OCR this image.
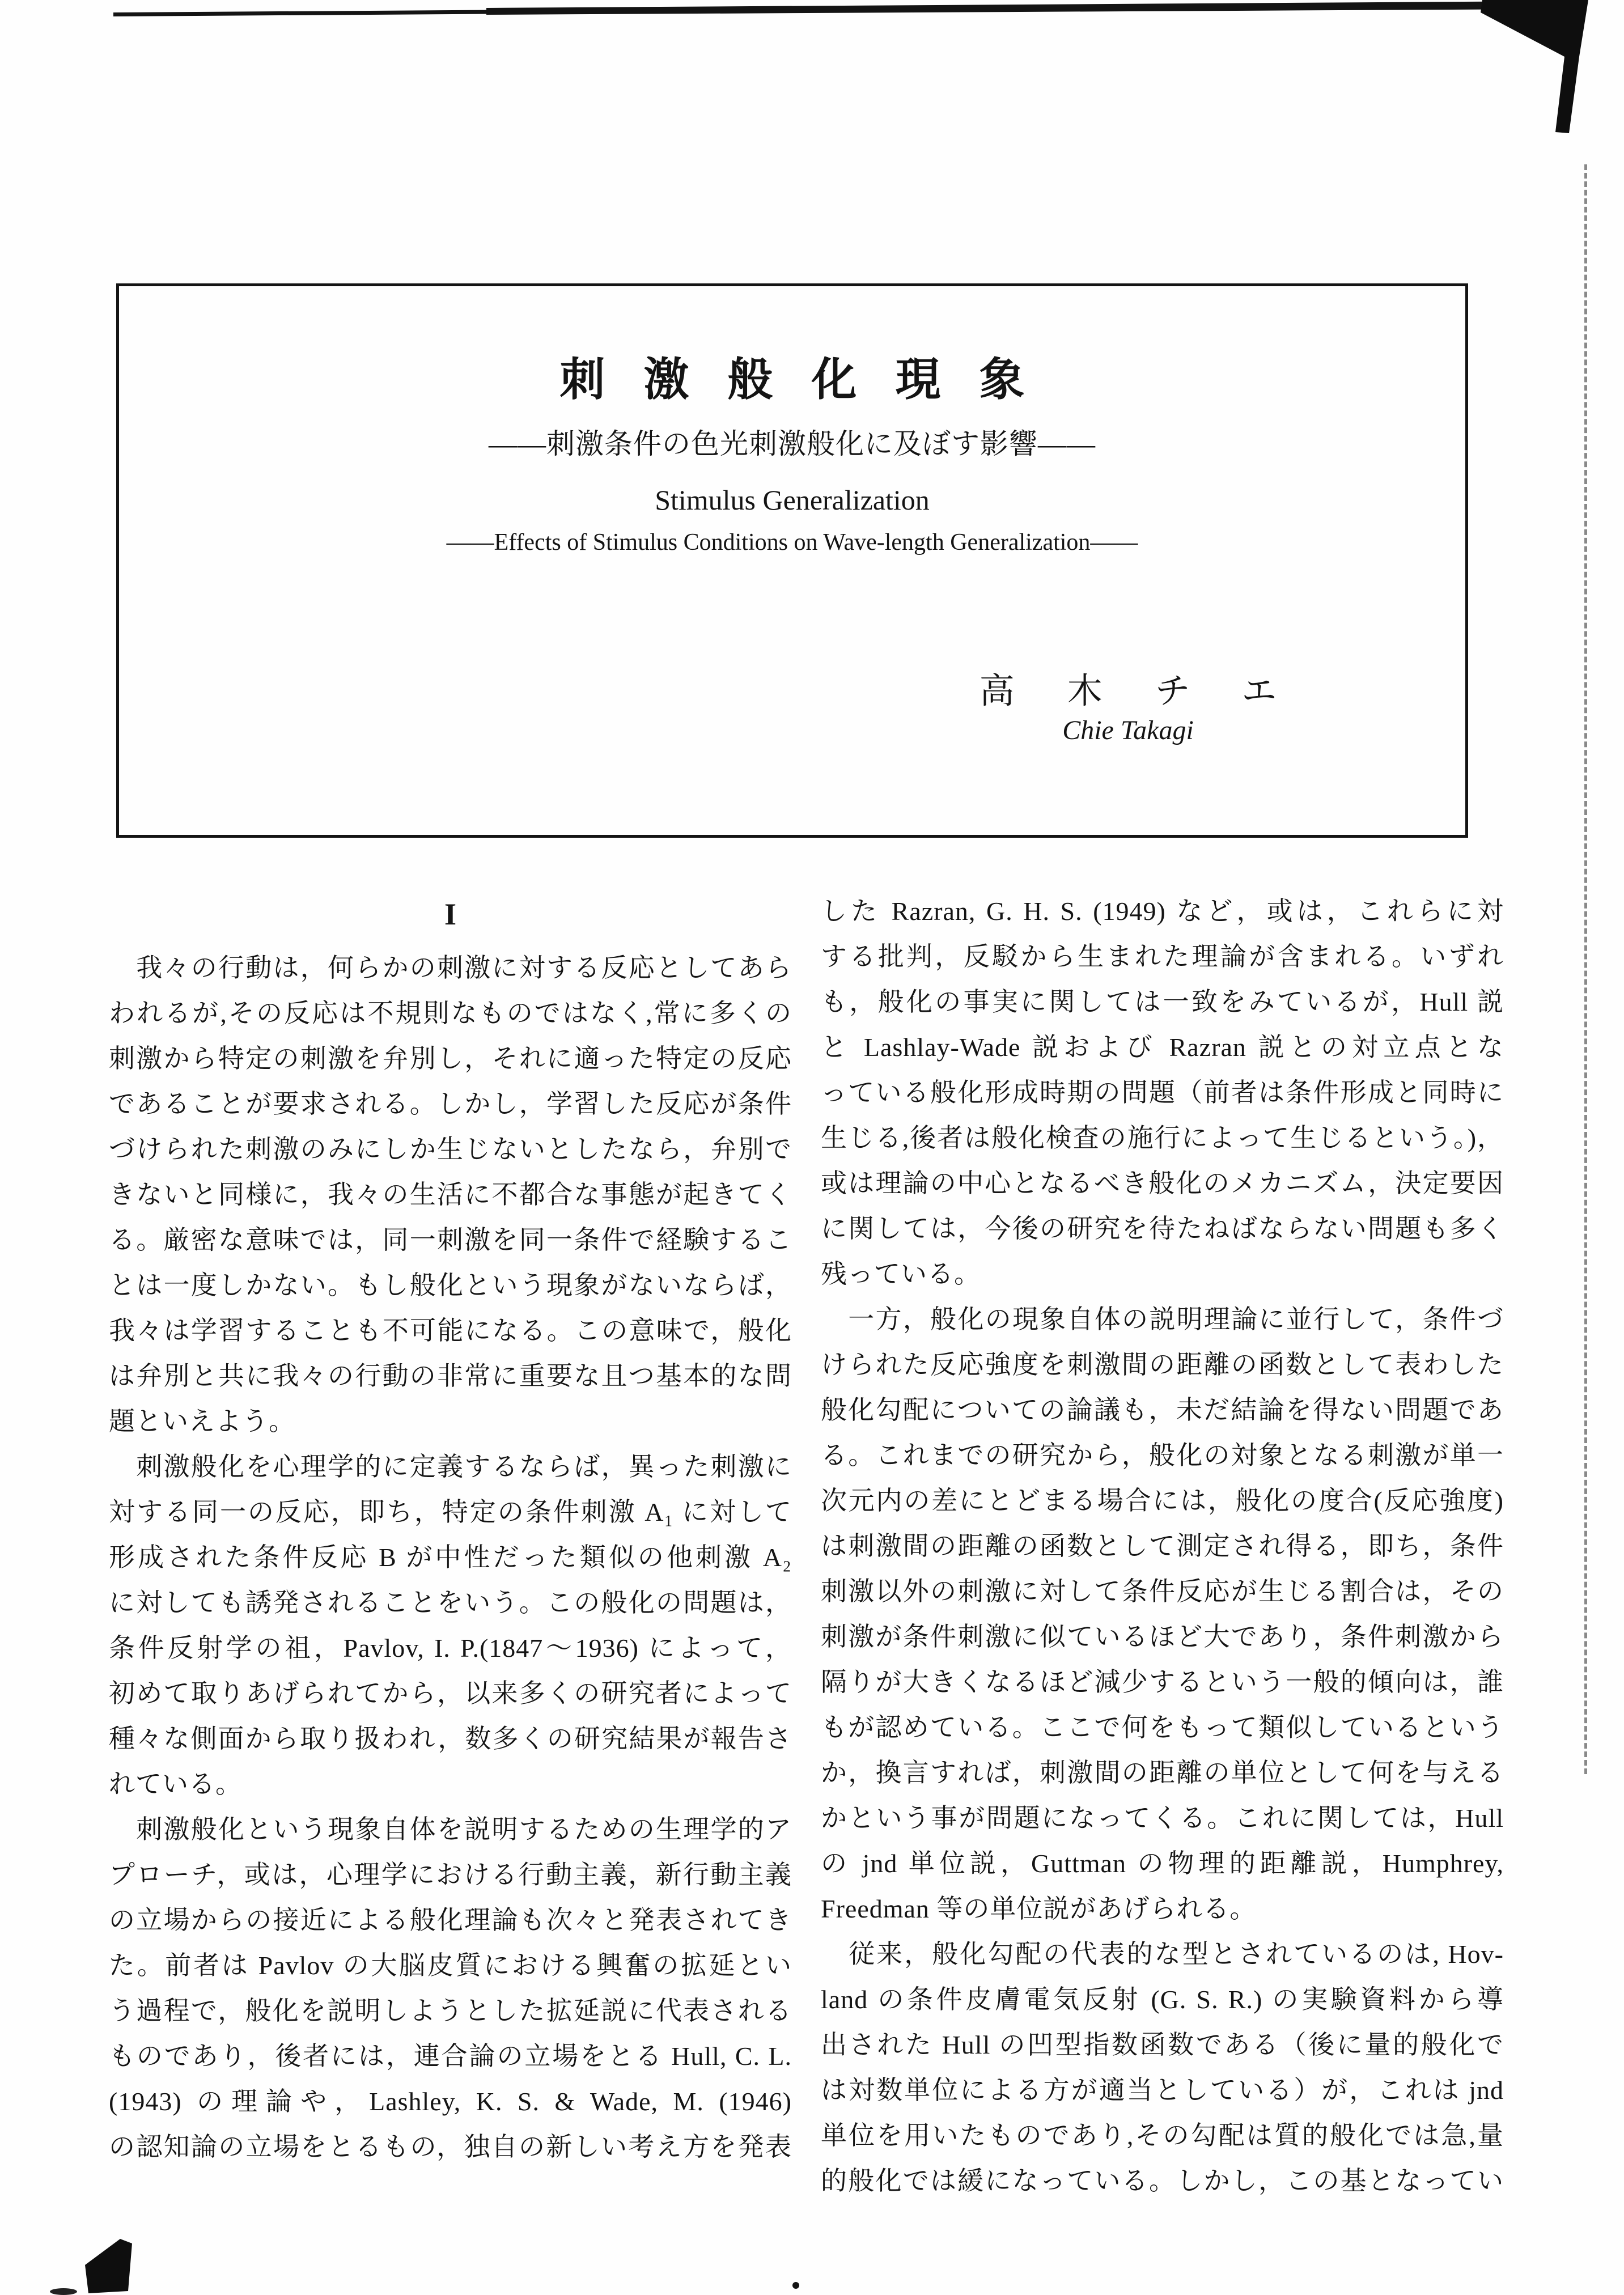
刺激般化現象
——刺激条件の色光刺激般化に及ぼす影響——
Stimulus Generalization
——Effects of Stimulus Conditions on Wave-length Generalization——
高木チエ
Chie Takagi
I
　我々の行動は，何らかの刺激に対する反応としてあら
われるが,その反応は不規則なものではなく,常に多くの
刺激から特定の刺激を弁別し，それに適った特定の反応
であることが要求される。しかし，学習した反応が条件
づけられた刺激のみにしか生じないとしたなら，弁別で
きないと同様に，我々の生活に不都合な事態が起きてく
る。厳密な意味では，同一刺激を同一条件で経験するこ
とは一度しかない。もし般化という現象がないならば，
我々は学習することも不可能になる。この意味で，般化
は弁別と共に我々の行動の非常に重要な且つ基本的な問
題といえよう。
　刺激般化を心理学的に定義するならば，異った刺激に
対する同一の反応，即ち，特定の条件刺激 A₁ に対して
形成された条件反応 B が中性だった類似の他刺激 A₂
に対しても誘発されることをいう。この般化の問題は，
条件反射学の祖，Pavlov, I. P.(1847〜1936) によって，
初めて取りあげられてから，以来多くの研究者によって
種々な側面から取り扱われ，数多くの研究結果が報告さ
れている。
　刺激般化という現象自体を説明するための生理学的ア
プローチ，或は，心理学における行動主義，新行動主義
の立場からの接近による般化理論も次々と発表されてき
た。前者は Pavlov の大脳皮質における興奮の拡延とい
う過程で，般化を説明しようとした拡延説に代表される
ものであり，後者には，連合論の立場をとる Hull, C. L.
(1943) の理論や，Lashley, K. S. & Wade, M. (1946)
の認知論の立場をとるもの，独自の新しい考え方を発表
した Razran, G. H. S. (1949) など，或は，これらに対
する批判，反駁から生まれた理論が含まれる。いずれ
も，般化の事実に関しては一致をみているが，Hull 説
と Lashlay-Wade 説および Razran 説との対立点とな
っている般化形成時期の問題（前者は条件形成と同時に
生じる,後者は般化検査の施行によって生じるという。)，
或は理論の中心となるべき般化のメカニズム，決定要因
に関しては，今後の研究を待たねばならない問題も多く
残っている。
　一方，般化の現象自体の説明理論に並行して，条件づ
けられた反応強度を刺激間の距離の函数として表わした
般化勾配についての論議も，未だ結論を得ない問題であ
る。これまでの研究から，般化の対象となる刺激が単一
次元内の差にとどまる場合には，般化の度合(反応強度)
は刺激間の距離の函数として測定され得る，即ち，条件
刺激以外の刺激に対して条件反応が生じる割合は，その
刺激が条件刺激に似ているほど大であり，条件刺激から
隔りが大きくなるほど減少するという一般的傾向は，誰
もが認めている。ここで何をもって類似しているという
か，換言すれば，刺激間の距離の単位として何を与える
かという事が問題になってくる。これに関しては，Hull
の jnd 単位説，Guttman の物理的距離説，Humphrey,
Freedman 等の単位説があげられる。
　従来，般化勾配の代表的な型とされているのは, Hov-
land の条件皮膚電気反射 (G. S. R.) の実験資料から導
出された Hull の凹型指数函数である（後に量的般化で
は対数単位による方が適当としている）が，これは jnd
単位を用いたものであり,その勾配は質的般化では急,量
的般化では緩になっている。しかし，この基となってい
